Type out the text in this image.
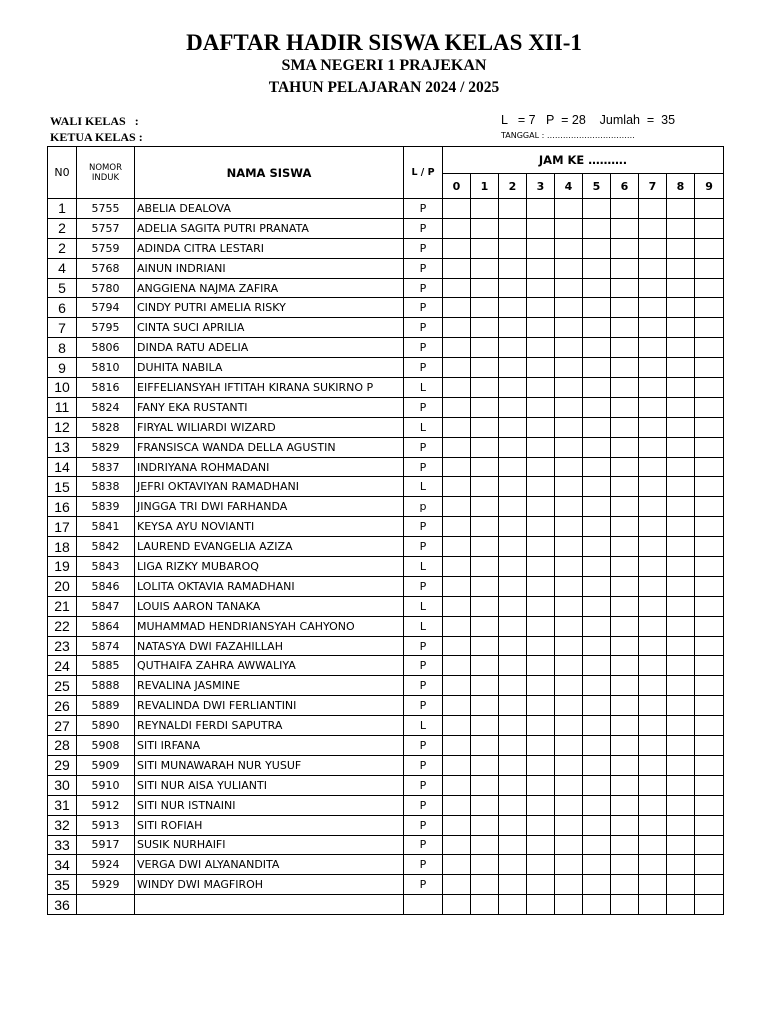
DAFTAR HADIR SISWA KELAS XII-1
SMA NEGERI 1 PRAJEKAN
TAHUN PELAJARAN 2024 / 2025
WALI KELAS   :
KETUA KELAS :
L   = 7   P  = 28    Jumlah  =  35
TANGGAL : ……………………………
N0	NOMOR INDUK	NAMA SISWA	L / P	JAM KE ……….									
				0	1	2	3	4	5	6	7	8	9
1	5755	ABELIA DEALOVA	P										
2	5757	ADELIA SAGITA PUTRI PRANATA	P										
2	5759	ADINDA CITRA LESTARI	P										
4	5768	AINUN INDRIANI	P										
5	5780	ANGGIENA NAJMA ZAFIRA	P										
6	5794	CINDY PUTRI AMELIA RISKY	P										
7	5795	CINTA SUCI APRILIA	P										
8	5806	DINDA RATU ADELIA	P										
9	5810	DUHITA NABILA	P										
10	5816	EIFFELIANSYAH IFTITAH KIRANA SUKIRNO P	L										
11	5824	FANY EKA RUSTANTI	P										
12	5828	FIRYAL WILIARDI WIZARD	L										
13	5829	FRANSISCA WANDA DELLA AGUSTIN	P										
14	5837	INDRIYANA ROHMADANI	P										
15	5838	JEFRI OKTAVIYAN RAMADHANI	L										
16	5839	JINGGA TRI DWI FARHANDA	p										
17	5841	KEYSA AYU NOVIANTI	P										
18	5842	LAUREND EVANGELIA AZIZA	P										
19	5843	LIGA RIZKY MUBAROQ	L										
20	5846	LOLITA OKTAVIA RAMADHANI	P										
21	5847	LOUIS AARON TANAKA	L										
22	5864	MUHAMMAD HENDRIANSYAH CAHYONO	L										
23	5874	NATASYA DWI FAZAHILLAH	P										
24	5885	QUTHAIFA ZAHRA AWWALIYA	P										
25	5888	REVALINA JASMINE	P										
26	5889	REVALINDA DWI FERLIANTINI	P										
27	5890	REYNALDI FERDI SAPUTRA	L										
28	5908	SITI IRFANA	P										
29	5909	SITI MUNAWARAH NUR YUSUF	P										
30	5910	SITI NUR AISA YULIANTI	P										
31	5912	SITI NUR ISTNAINI	P										
32	5913	SITI ROFIAH	P										
33	5917	SUSIK NURHAIFI	P										
34	5924	VERGA DWI ALYANANDITA	P										
35	5929	WINDY DWI MAGFIROH	P										
36													
